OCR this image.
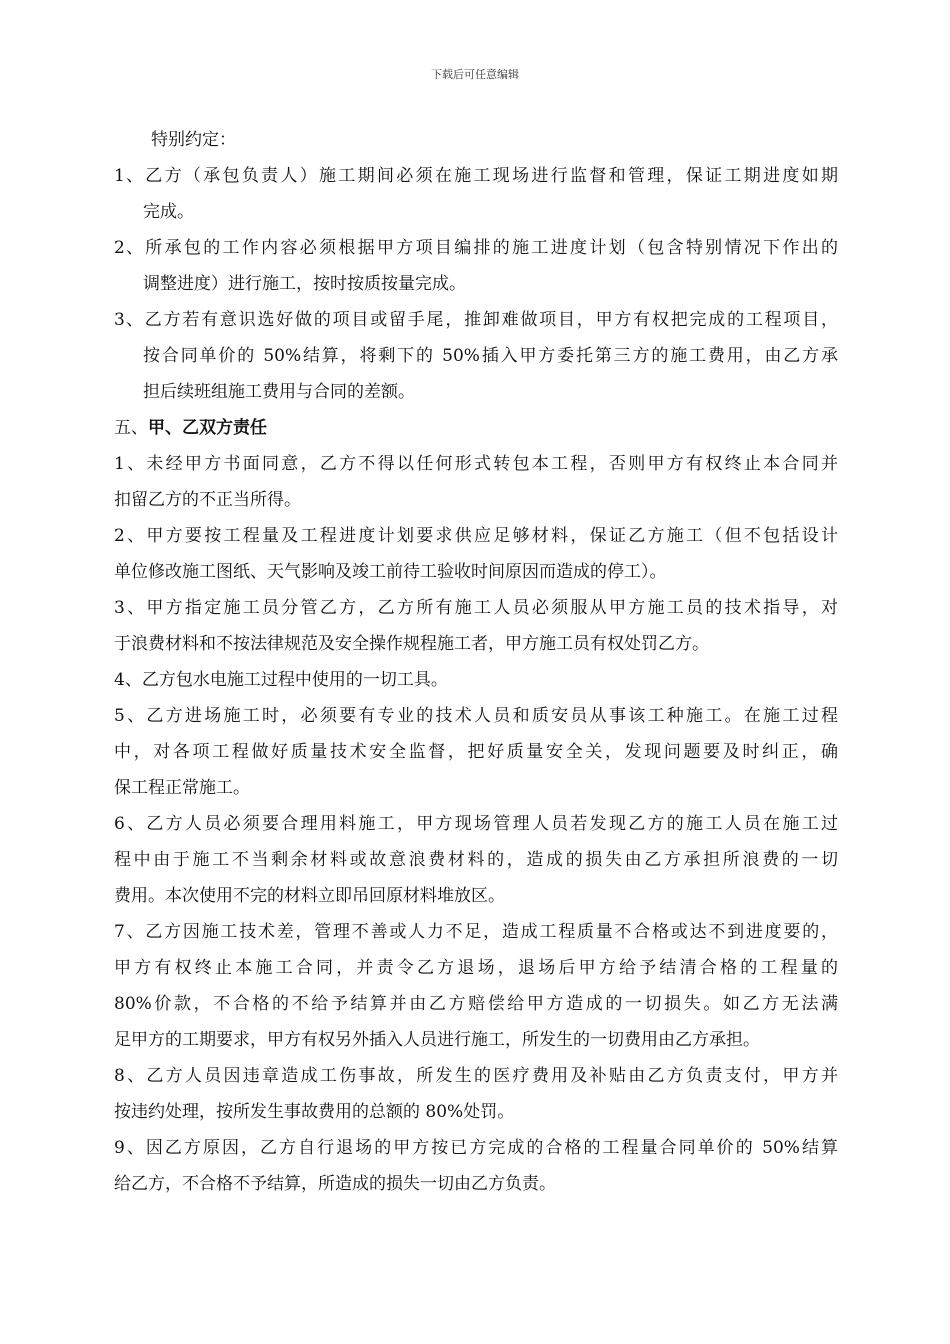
下载后可任意编辑
特别约定：
1、乙方（承包负责人）施工期间必须在施工现场进行监督和管理，保证工期进度如期
完成。
2、所承包的工作内容必须根据甲方项目编排的施工进度计划（包含特别情况下作出的
调整进度）进行施工，按时按质按量完成。
3、乙方若有意识选好做的项目或留手尾，推卸难做项目，甲方有权把完成的工程项目，
按合同单价的 50%结算，将剩下的 50%插入甲方委托第三方的施工费用，由乙方承
担后续班组施工费用与合同的差额。
五、甲、乙双方责任
1、未经甲方书面同意，乙方不得以任何形式转包本工程，否则甲方有权终止本合同并
扣留乙方的不正当所得。
2、甲方要按工程量及工程进度计划要求供应足够材料，保证乙方施工（但不包括设计
单位修改施工图纸、天气影响及竣工前待工验收时间原因而造成的停工）。
3、甲方指定施工员分管乙方，乙方所有施工人员必须服从甲方施工员的技术指导，对
于浪费材料和不按法律规范及安全操作规程施工者，甲方施工员有权处罚乙方。
4、乙方包水电施工过程中使用的一切工具。
5、乙方进场施工时，必须要有专业的技术人员和质安员从事该工种施工。在施工过程
中，对各项工程做好质量技术安全监督，把好质量安全关，发现问题要及时纠正，确
保工程正常施工。
6、乙方人员必须要合理用料施工，甲方现场管理人员若发现乙方的施工人员在施工过
程中由于施工不当剩余材料或故意浪费材料的，造成的损失由乙方承担所浪费的一切
费用。本次使用不完的材料立即吊回原材料堆放区。
7、乙方因施工技术差，管理不善或人力不足，造成工程质量不合格或达不到进度要的，
甲方有权终止本施工合同，并责令乙方退场，退场后甲方给予结清合格的工程量的
80%价款，不合格的不给予结算并由乙方赔偿给甲方造成的一切损失。如乙方无法满
足甲方的工期要求，甲方有权另外插入人员进行施工，所发生的一切费用由乙方承担。
8、乙方人员因违章造成工伤事故，所发生的医疗费用及补贴由乙方负责支付，甲方并
按违约处理，按所发生事故费用的总额的 80%处罚。
9、因乙方原因，乙方自行退场的甲方按已方完成的合格的工程量合同单价的 50%结算
给乙方，不合格不予结算，所造成的损失一切由乙方负责。
